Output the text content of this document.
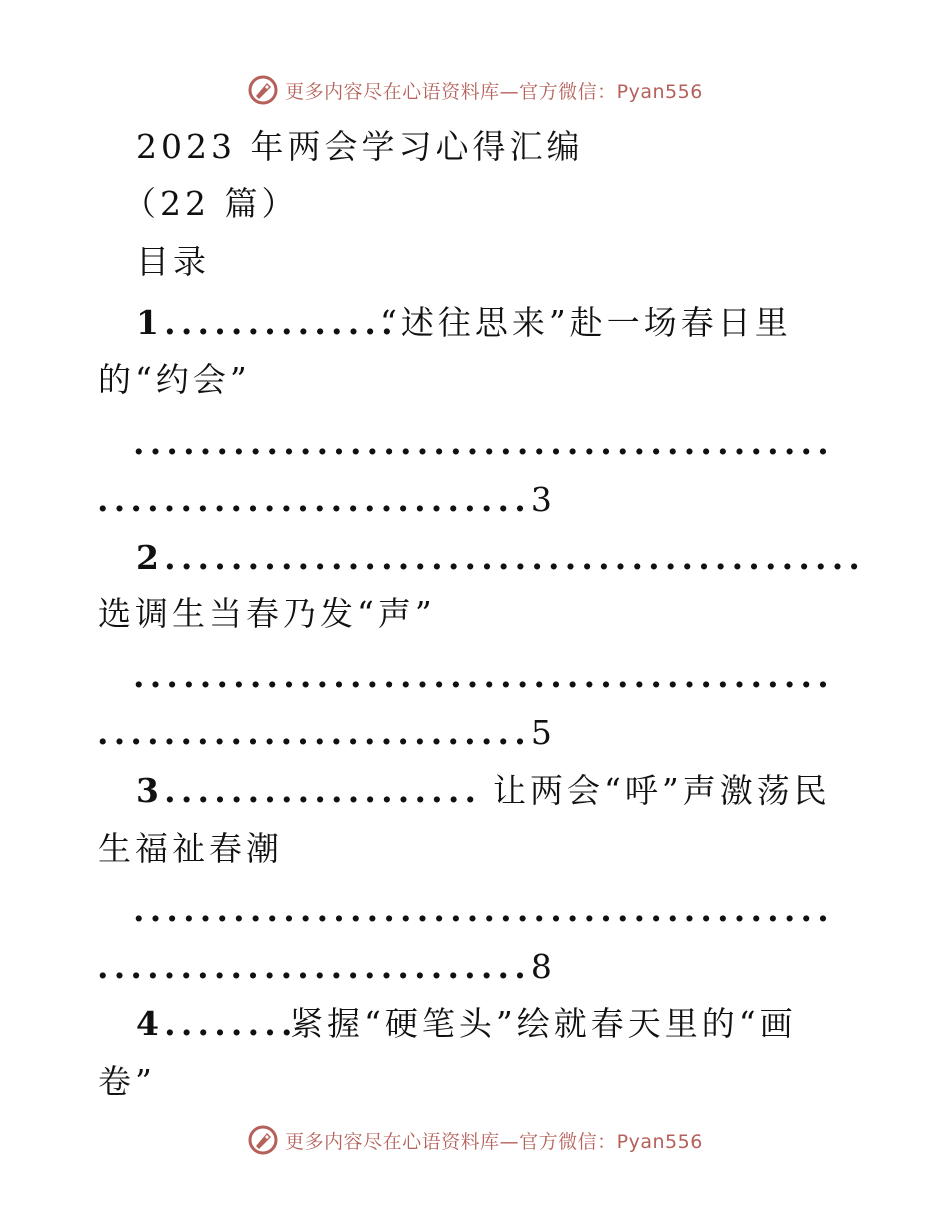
更多内容尽在心语资料库—官方微信：Pyan556
2023 年两会学习心得汇编
（22 篇）
目录
1..............
“述往思来”赴一场春日里
的“约会”
..........................................
..........................3
2..........................................
选调生当春乃发“声”
..........................................
..........................5
3................... 让两会“呼”声激荡民
生福祉春潮
..........................................
..........................8
4........
紧握“硬笔头”绘就春天里的“画
卷”
更多内容尽在心语资料库—官方微信：Pyan556
